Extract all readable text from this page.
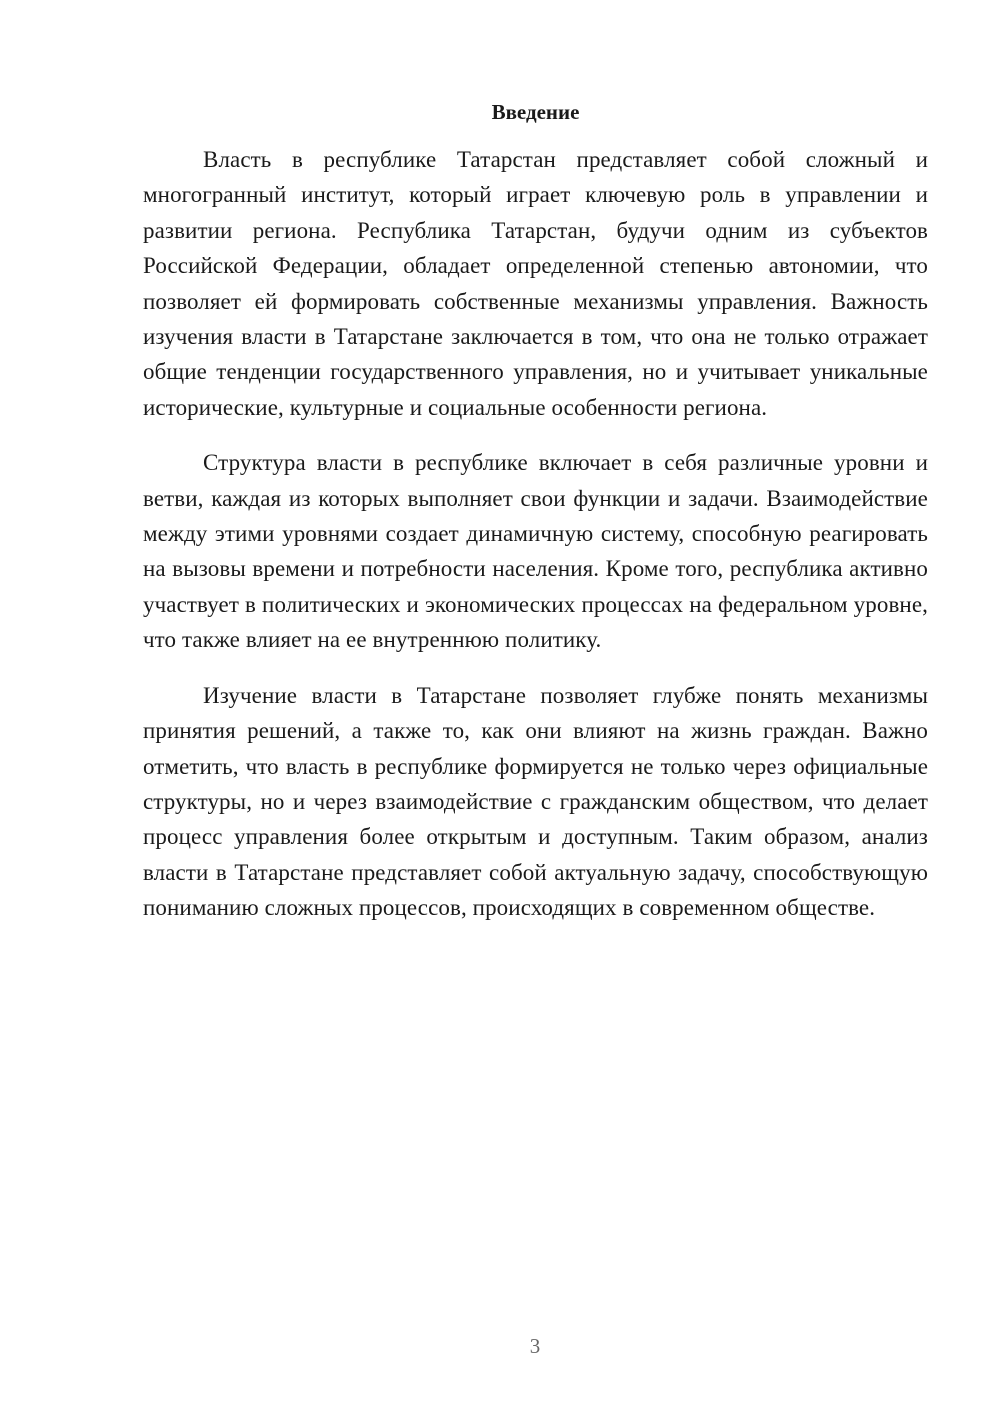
Введение

Власть в республике Татарстан представляет собой сложный и многогранный институт, который играет ключевую роль в управлении и развитии региона. Республика Татарстан, будучи одним из субъектов Российской Федерации, обладает определенной степенью автономии, что позволяет ей формировать собственные механизмы управления. Важность изучения власти в Татарстане заключается в том, что она не только отражает общие тенденции государственного управления, но и учитывает уникальные исторические, культурные и социальные особенности региона.

Структура власти в республике включает в себя различные уровни и ветви, каждая из которых выполняет свои функции и задачи. Взаимодействие между этими уровнями создает динамичную систему, способную реагировать на вызовы времени и потребности населения. Кроме того, республика активно участвует в политических и экономических процессах на федеральном уровне, что также влияет на ее внутреннюю политику.

Изучение власти в Татарстане позволяет глубже понять механизмы принятия решений, а также то, как они влияют на жизнь граждан. Важно отметить, что власть в республике формируется не только через официальные структуры, но и через взаимодействие с гражданским обществом, что делает процесс управления более открытым и доступным. Таким образом, анализ власти в Татарстане представляет собой актуальную задачу, способствующую пониманию сложных процессов, происходящих в современном обществе.

3
